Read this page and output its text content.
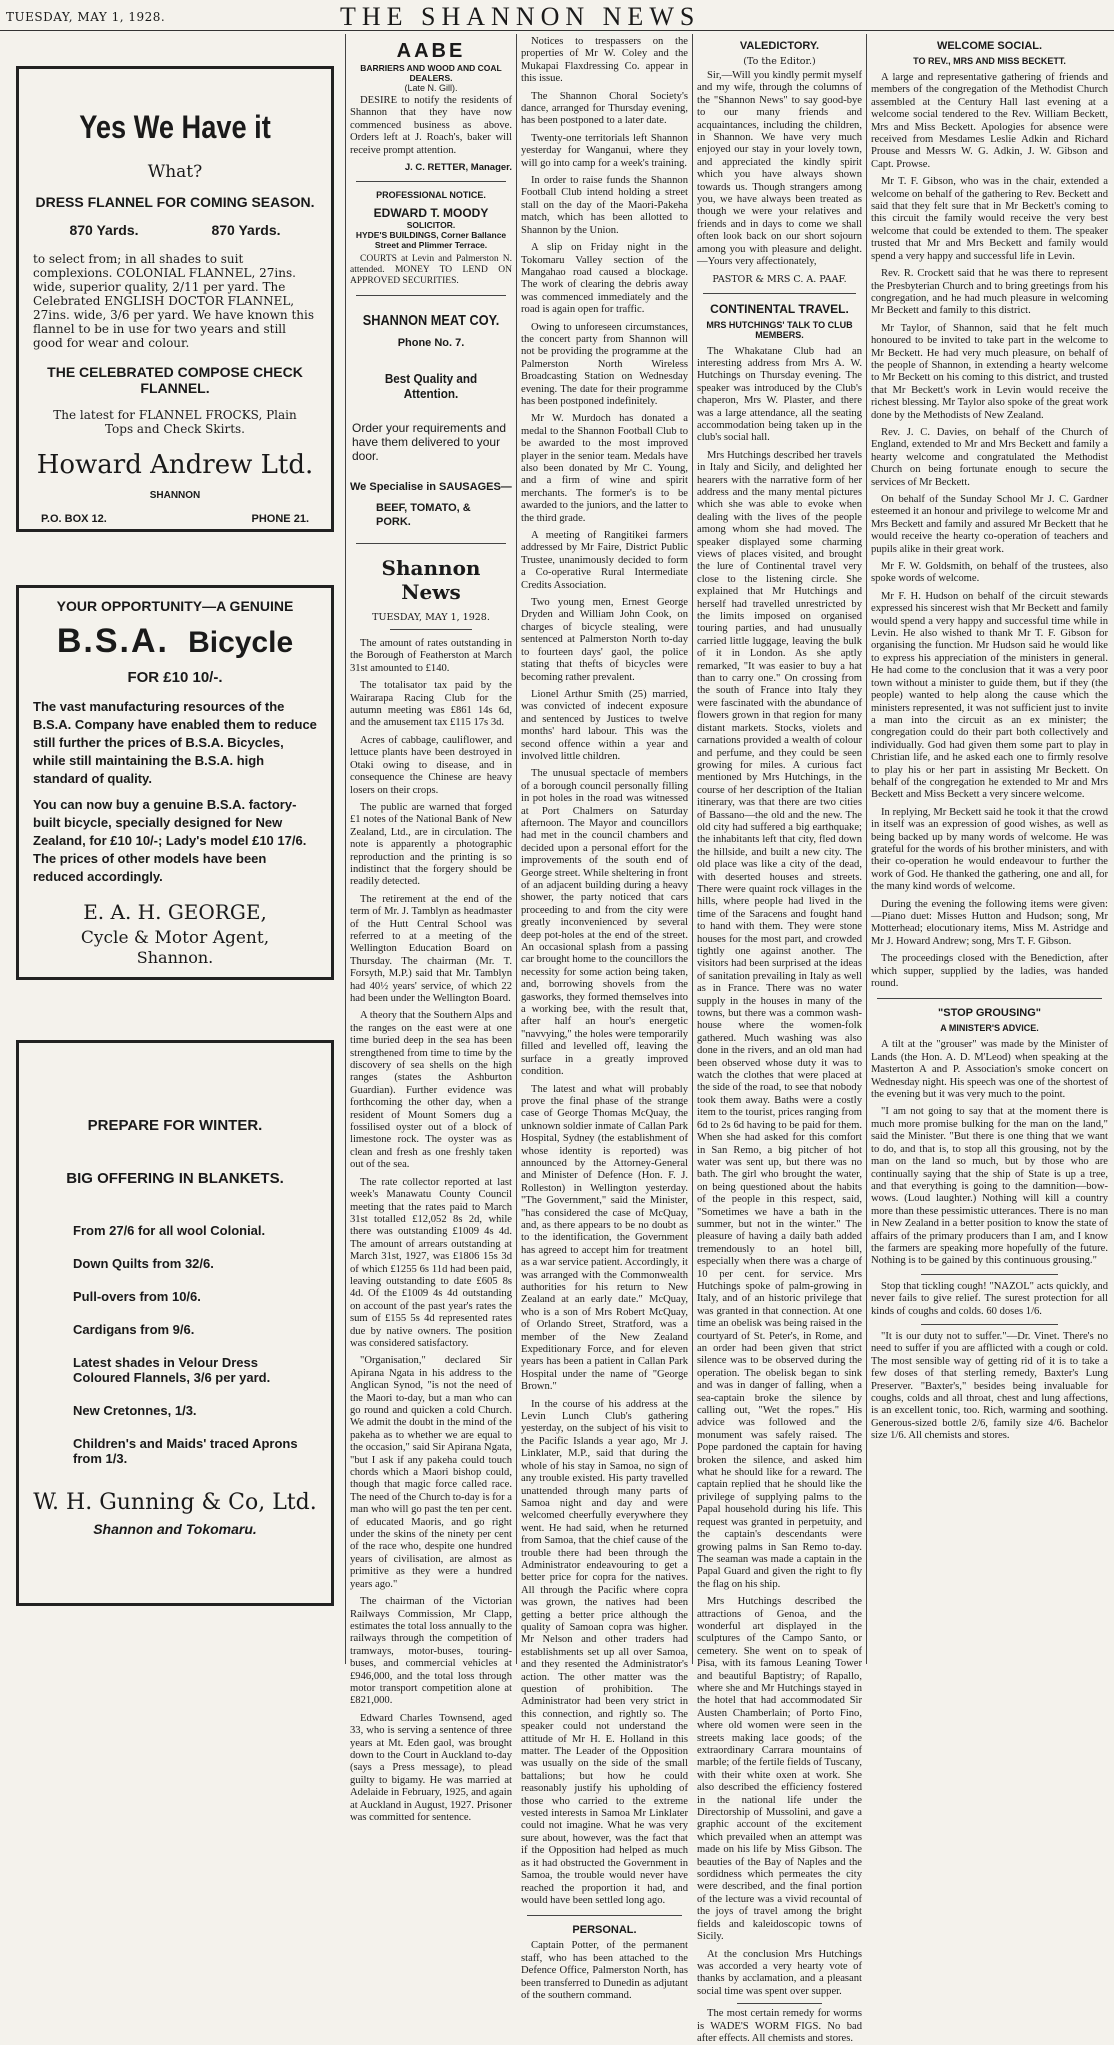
TUESDAY, MAY 1, 1928.	THE SHANNON NEWS
Yes We Have it
What?
DRESS FLANNEL FOR COMING SEASON.
870 Yards.	870 Yards.
to select from; in all shades to suit complexions. COLONIAL FLANNEL, 27ins. wide, superior quality, 2/11 per yard. The Celebrated ENGLISH DOCTOR FLANNEL, 27ins. wide, 3/6 per yard. We have known this flannel to be in use for two years and still good for wear and colour.
THE CELEBRATED COMPOSE CHECK FLANNEL.
The latest for FLANNEL FROCKS, Plain Tops and Check Skirts.
Howard Andrew Ltd.
SHANNON
P.O. BOX 12.	PHONE 21.
YOUR OPPORTUNITY—A GENUINE
B.S.A. Bicycle
FOR £10 10/-.
The vast manufacturing resources of the B.S.A. Company have enabled them to reduce still further the prices of B.S.A. Bicycles, while still maintaining the B.S.A. high standard of quality.
You can now buy a genuine B.S.A. factory-built bicycle, specially designed for New Zealand, for £10 10/-; Lady's model £10 17/6. The prices of other models have been reduced accordingly.
E. A. H. GEORGE,
Cycle & Motor Agent,
Shannon.
PREPARE FOR WINTER.
BIG OFFERING IN BLANKETS.
From 27/6 for all wool Colonial.
Down Quilts from 32/6.
Pull-overs from 10/6.
Cardigans from 9/6.
Latest shades in Velour Dress Coloured Flannels, 3/6 per yard.
New Cretonnes, 1/3.
Children's and Maids' traced Aprons from 1/3.
W. H. Gunning & Co, Ltd.
Shannon and Tokomaru.
AABE
BARRIERS AND WOOD AND COAL DEALERS.
(Late N. Gill).

DESIRE to notify the residents of Shannon that they have now commenced business as above. Orders left at J. Roach's, baker will receive prompt attention.

J. C. RETTER, Manager.
PROFESSIONAL NOTICE.
EDWARD T. MOODY
SOLICITOR.
HYDE'S BUILDINGS, Corner Ballance Street and Plimmer Terrace.

COURTS at Levin and Palmerston N. attended. MONEY TO LEND ON APPROVED SECURITIES.

SHANNON MEAT COY.
Phone No. 7.
Best Quality and Attention.
Order your requirements and have them delivered to your door.
We Specialise in SAUSAGES—
BEEF, TOMATO, & PORK.
Shannon News
TUESDAY, MAY 1, 1928.

The amount of rates outstanding in the Borough of Featherston at March 31st amounted to £140.

The totalisator tax paid by the Wairarapa Racing Club for the autumn meeting was £861 14s 6d, and the amusement tax £115 17s 3d.

Acres of cabbage, cauliflower, and lettuce plants have been destroyed in Otaki owing to disease, and in consequence the Chinese are heavy losers on their crops.

The public are warned that forged £1 notes of the National Bank of New Zealand, Ltd., are in circulation. The note is apparently a photographic reproduction and the printing is so indistinct that the forgery should be readily detected.

The retirement at the end of the term of Mr. J. Tamblyn as headmaster of the Hutt Central School was referred to at a meeting of the Wellington Education Board on Thursday. The chairman (Mr. T. Forsyth, M.P.) said that Mr. Tamblyn had 40½ years' service, of which 22 had been under the Wellington Board.

A theory that the Southern Alps and the ranges on the east were at one time buried deep in the sea has been strengthened from time to time by the discovery of sea shells on the high ranges (states the Ashburton Guardian). Further evidence was forthcoming the other day, when a resident of Mount Somers dug a fossilised oyster out of a block of limestone rock. The oyster was as clean and fresh as one freshly taken out of the sea.

The rate collector reported at last week's Manawatu County Council meeting that the rates paid to March 31st totalled £12,052 8s 2d, while there was outstanding £1009 4s 4d. The amount of arrears outstanding at March 31st, 1927, was £1806 15s 3d of which £1255 6s 11d had been paid, leaving outstanding to date £605 8s 4d. Of the £1009 4s 4d outstanding on account of the past year's rates the sum of £155 5s 4d represented rates due by native owners. The position was considered satisfactory.

"Organisation," declared Sir Apirana Ngata in his address to the Anglican Synod, "is not the need of the Maori to-day, but a man who can go round and quicken a cold Church. We admit the doubt in the mind of the pakeha as to whether we are equal to the occasion," said Sir Apirana Ngata, "but I ask if any pakeha could touch chords which a Maori bishop could, though that magic force called race. The need of the Church to-day is for a man who will go past the ten per cent. of educated Maoris, and go right under the skins of the ninety per cent of the race who, despite one hundred years of civilisation, are almost as primitive as they were a hundred years ago."

The chairman of the Victorian Railways Commission, Mr Clapp, estimates the total loss annually to the railways through the competition of tramways, motor-buses, touring-buses, and commercial vehicles at £946,000, and the total loss through motor transport competition alone at £821,000.

Edward Charles Townsend, aged 33, who is serving a sentence of three years at Mt. Eden gaol, was brought down to the Court in Auckland to-day (says a Press message), to plead guilty to bigamy. He was married at Adelaide in February, 1925, and again at Auckland in August, 1927. Prisoner was committed for sentence.

Notices to trespassers on the properties of Mr W. Coley and the Mukapai Flaxdressing Co. appear in this issue.

The Shannon Choral Society's dance, arranged for Thursday evening, has been postponed to a later date.

Twenty-one territorials left Shannon yesterday for Wanganui, where they will go into camp for a week's training.

In order to raise funds the Shannon Football Club intend holding a street stall on the day of the Maori-Pakeha match, which has been allotted to Shannon by the Union.

A slip on Friday night in the Tokomaru Valley section of the Mangahao road caused a blockage. The work of clearing the debris away was commenced immediately and the road is again open for traffic.

Owing to unforeseen circumstances, the concert party from Shannon will not be providing the programme at the Palmerston North Wireless Broadcasting Station on Wednesday evening. The date for their programme has been postponed indefinitely.

Mr W. Murdoch has donated a medal to the Shannon Football Club to be awarded to the most improved player in the senior team. Medals have also been donated by Mr C. Young, and a firm of wine and spirit merchants. The former's is to be awarded to the juniors, and the latter to the third grade.

A meeting of Rangitikei farmers addressed by Mr Faire, District Public Trustee, unanimously decided to form a Co-operative Rural Intermediate Credits Association.

Two young men, Ernest George Dryden and William John Cook, on charges of bicycle stealing, were sentenced at Palmerston North to-day to fourteen days' gaol, the police stating that thefts of bicycles were becoming rather prevalent.

Lionel Arthur Smith (25) married, was convicted of indecent exposure and sentenced by Justices to twelve months' hard labour. This was the second offence within a year and involved little children.

The unusual spectacle of members of a borough council personally filling in pot holes in the road was witnessed at Port Chalmers on Saturday afternoon. The Mayor and councillors had met in the council chambers and decided upon a personal effort for the improvements of the south end of George street. While sheltering in front of an adjacent building during a heavy shower, the party noticed that cars proceeding to and from the city were greatly inconvenienced by several deep pot-holes at the end of the street. An occasional splash from a passing car brought home to the councillors the necessity for some action being taken, and, borrowing shovels from the gasworks, they formed themselves into a working bee, with the result that, after half an hour's energetic "navvying," the holes were temporarily filled and levelled off, leaving the surface in a greatly improved condition.

The latest and what will probably prove the final phase of the strange case of George Thomas McQuay, the unknown soldier inmate of Callan Park Hospital, Sydney (the establishment of whose identity is reported) was announced by the Attorney-General and Minister of Defence (Hon. F. J. Rolleston) in Wellington yesterday. "The Government," said the Minister, "has considered the case of McQuay, and, as there appears to be no doubt as to the identification, the Government has agreed to accept him for treatment as a war service patient. Accordingly, it was arranged with the Commonwealth authorities for his return to New Zealand at an early date." McQuay, who is a son of Mrs Robert McQuay, of Orlando Street, Stratford, was a member of the New Zealand Expeditionary Force, and for eleven years has been a patient in Callan Park Hospital under the name of "George Brown."

In the course of his address at the Levin Lunch Club's gathering yesterday, on the subject of his visit to the Pacific Islands a year ago, Mr J. Linklater, M.P., said that during the whole of his stay in Samoa, no sign of any trouble existed. His party travelled unattended through many parts of Samoa night and day and were welcomed cheerfully everywhere they went. He had said, when he returned from Samoa, that the chief cause of the trouble there had been through the Administrator endeavouring to get a better price for copra for the natives. All through the Pacific where copra was grown, the natives had been getting a better price although the quality of Samoan copra was higher. Mr Nelson and other traders had establishments set up all over Samoa, and they resented the Administrator's action. The other matter was the question of prohibition. The Administrator had been very strict in this connection, and rightly so. The speaker could not understand the attitude of Mr H. E. Holland in this matter. The Leader of the Opposition was usually on the side of the small battalions; but how he could reasonably justify his upholding of those who carried to the extreme vested interests in Samoa Mr Linklater could not imagine. What he was very sure about, however, was the fact that if the Opposition had helped as much as it had obstructed the Government in Samoa, the trouble would never have reached the proportion it had, and would have been settled long ago.

PERSONAL.

Captain Potter, of the permanent staff, who has been attached to the Defence Office, Palmerston North, has been transferred to Dunedin as adjutant of the southern command.

VALEDICTORY.
(To the Editor.)

Sir,—Will you kindly permit myself and my wife, through the columns of the "Shannon News" to say good-bye to our many friends and acquaintances, including the children, in Shannon. We have very much enjoyed our stay in your lovely town, and appreciated the kindly spirit which you have always shown towards us. Though strangers among you, we have always been treated as though we were your relatives and friends and in days to come we shall often look back on our short sojourn among you with pleasure and delight.—Yours very affectionately,

PASTOR & MRS C. A. PAAF.
CONTINENTAL TRAVEL.
MRS HUTCHINGS' TALK TO CLUB MEMBERS.

The Whakatane Club had an interesting address from Mrs A. W. Hutchings on Thursday evening. The speaker was introduced by the Club's chaperon, Mrs W. Plaster, and there was a large attendance, all the seating accommodation being taken up in the club's social hall.

Mrs Hutchings described her travels in Italy and Sicily, and delighted her hearers with the narrative form of her address and the many mental pictures which she was able to evoke when dealing with the lives of the people among whom she had moved. The speaker displayed some charming views of places visited, and brought the lure of Continental travel very close to the listening circle. She explained that Mr Hutchings and herself had travelled unrestricted by the limits imposed on organised touring parties, and had unusually carried little luggage, leaving the bulk of it in London. As she aptly remarked, "It was easier to buy a hat than to carry one." On crossing from the south of France into Italy they were fascinated with the abundance of flowers grown in that region for many distant markets. Stocks, violets and carnations provided a wealth of colour and perfume, and they could be seen growing for miles. A curious fact mentioned by Mrs Hutchings, in the course of her description of the Italian itinerary, was that there are two cities of Bassano—the old and the new. The old city had suffered a big earthquake; the inhabitants left that city, fled down the hillside, and built a new city. The old place was like a city of the dead, with deserted houses and streets. There were quaint rock villages in the hills, where people had lived in the time of the Saracens and fought hand to hand with them. They were stone houses for the most part, and crowded tightly one against another. The visitors had been surprised at the ideas of sanitation prevailing in Italy as well as in France. There was no water supply in the houses in many of the towns, but there was a common wash-house where the women-folk gathered. Much washing was also done in the rivers, and an old man had been observed whose duty it was to watch the clothes that were placed at the side of the road, to see that nobody took them away. Baths were a costly item to the tourist, prices ranging from 6d to 2s 6d having to be paid for them. When she had asked for this comfort in San Remo, a big pitcher of hot water was sent up, but there was no bath. The girl who brought the water, on being questioned about the habits of the people in this respect, said, "Sometimes we have a bath in the summer, but not in the winter." The pleasure of having a daily bath added tremendously to an hotel bill, especially when there was a charge of 10 per cent. for service. Mrs Hutchings spoke of palm-growing in Italy, and of an historic privilege that was granted in that connection. At one time an obelisk was being raised in the courtyard of St. Peter's, in Rome, and an order had been given that strict silence was to be observed during the operation. The obelisk began to sink and was in danger of falling, when a sea-captain broke the silence by calling out, "Wet the ropes." His advice was followed and the monument was safely raised. The Pope pardoned the captain for having broken the silence, and asked him what he should like for a reward. The captain replied that he should like the privilege of supplying palms to the Papal household during his life. This request was granted in perpetuity, and the captain's descendants were growing palms in San Remo to-day. The seaman was made a captain in the Papal Guard and given the right to fly the flag on his ship.

Mrs Hutchings described the attractions of Genoa, and the wonderful art displayed in the sculptures of the Campo Santo, or cemetery. She went on to speak of Pisa, with its famous Leaning Tower and beautiful Baptistry; of Rapallo, where she and Mr Hutchings stayed in the hotel that had accommodated Sir Austen Chamberlain; of Porto Fino, where old women were seen in the streets making lace goods; of the extraordinary Carrara mountains of marble; of the fertile fields of Tuscany, with their white oxen at work. She also described the efficiency fostered in the national life under the Directorship of Mussolini, and gave a graphic account of the excitement which prevailed when an attempt was made on his life by Miss Gibson. The beauties of the Bay of Naples and the sordidness which permeates the city were described, and the final portion of the lecture was a vivid recountal of the joys of travel among the bright fields and kaleidoscopic towns of Sicily.

At the conclusion Mrs Hutchings was accorded a very hearty vote of thanks by acclamation, and a pleasant social time was spent over supper.

The most certain remedy for worms is WADE'S WORM FIGS. No bad after effects. All chemists and stores.

WELCOME SOCIAL.
TO REV., MRS AND MISS BECKETT.

A large and representative gathering of friends and members of the congregation of the Methodist Church assembled at the Century Hall last evening at a welcome social tendered to the Rev. William Beckett, Mrs and Miss Beckett. Apologies for absence were received from Mesdames Leslie Adkin and Richard Prouse and Messrs W. G. Adkin, J. W. Gibson and Capt. Prowse.

Mr T. F. Gibson, who was in the chair, extended a welcome on behalf of the gathering to Rev. Beckett and said that they felt sure that in Mr Beckett's coming to this circuit the family would receive the very best welcome that could be extended to them. The speaker trusted that Mr and Mrs Beckett and family would spend a very happy and successful life in Levin.

Rev. R. Crockett said that he was there to represent the Presbyterian Church and to bring greetings from his congregation, and he had much pleasure in welcoming Mr Beckett and family to this district.

Mr Taylor, of Shannon, said that he felt much honoured to be invited to take part in the welcome to Mr Beckett. He had very much pleasure, on behalf of the people of Shannon, in extending a hearty welcome to Mr Beckett on his coming to this district, and trusted that Mr Beckett's work in Levin would receive the richest blessing. Mr Taylor also spoke of the great work done by the Methodists of New Zealand.

Rev. J. C. Davies, on behalf of the Church of England, extended to Mr and Mrs Beckett and family a hearty welcome and congratulated the Methodist Church on being fortunate enough to secure the services of Mr Beckett.

On behalf of the Sunday School Mr J. C. Gardner esteemed it an honour and privilege to welcome Mr and Mrs Beckett and family and assured Mr Beckett that he would receive the hearty co-operation of teachers and pupils alike in their great work.

Mr F. W. Goldsmith, on behalf of the trustees, also spoke words of welcome.

Mr F. H. Hudson on behalf of the circuit stewards expressed his sincerest wish that Mr Beckett and family would spend a very happy and successful time while in Levin. He also wished to thank Mr T. F. Gibson for organising the function. Mr Hudson said he would like to express his appreciation of the ministers in general. He had come to the conclusion that it was a very poor town without a minister to guide them, but if they (the people) wanted to help along the cause which the ministers represented, it was not sufficient just to invite a man into the circuit as an ex minister; the congregation could do their part both collectively and individually. God had given them some part to play in Christian life, and he asked each one to firmly resolve to play his or her part in assisting Mr Beckett. On behalf of the congregation he extended to Mr and Mrs Beckett and Miss Beckett a very sincere welcome.

In replying, Mr Beckett said he took it that the crowd in itself was an expression of good wishes, as well as being backed up by many words of welcome. He was grateful for the words of his brother ministers, and with their co-operation he would endeavour to further the work of God. He thanked the gathering, one and all, for the many kind words of welcome.

During the evening the following items were given:—Piano duet: Misses Hutton and Hudson; song, Mr Motterhead; elocutionary items, Miss M. Astridge and Mr J. Howard Andrew; song, Mrs T. F. Gibson.

The proceedings closed with the Benediction, after which supper, supplied by the ladies, was handed round.

"STOP GROUSING"
A MINISTER'S ADVICE.

A tilt at the "grouser" was made by the Minister of Lands (the Hon. A. D. M'Leod) when speaking at the Masterton A and P. Association's smoke concert on Wednesday night. His speech was one of the shortest of the evening but it was very much to the point.

"I am not going to say that at the moment there is much more promise bulking for the man on the land," said the Minister. "But there is one thing that we want to do, and that is, to stop all this grousing, not by the man on the land so much, but by those who are continually saying that the ship of State is up a tree, and that everything is going to the damnition—bow-wows. (Loud laughter.) Nothing will kill a country more than these pessimistic utterances. There is no man in New Zealand in a better position to know the state of affairs of the primary producers than I am, and I know the farmers are speaking more hopefully of the future. Nothing is to be gained by this continuous grousing."

Stop that tickling cough! "NAZOL" acts quickly, and never fails to give relief. The surest protection for all kinds of coughs and colds. 60 doses 1/6.

"It is our duty not to suffer."—Dr. Vinet. There's no need to suffer if you are afflicted with a cough or cold. The most sensible way of getting rid of it is to take a few doses of that sterling remedy, Baxter's Lung Preserver. "Baxter's," besides being invaluable for coughs, colds and all throat, chest and lung affections, is an excellent tonic, too. Rich, warming and soothing. Generous-sized bottle 2/6, family size 4/6. Bachelor size 1/6. All chemists and stores.
